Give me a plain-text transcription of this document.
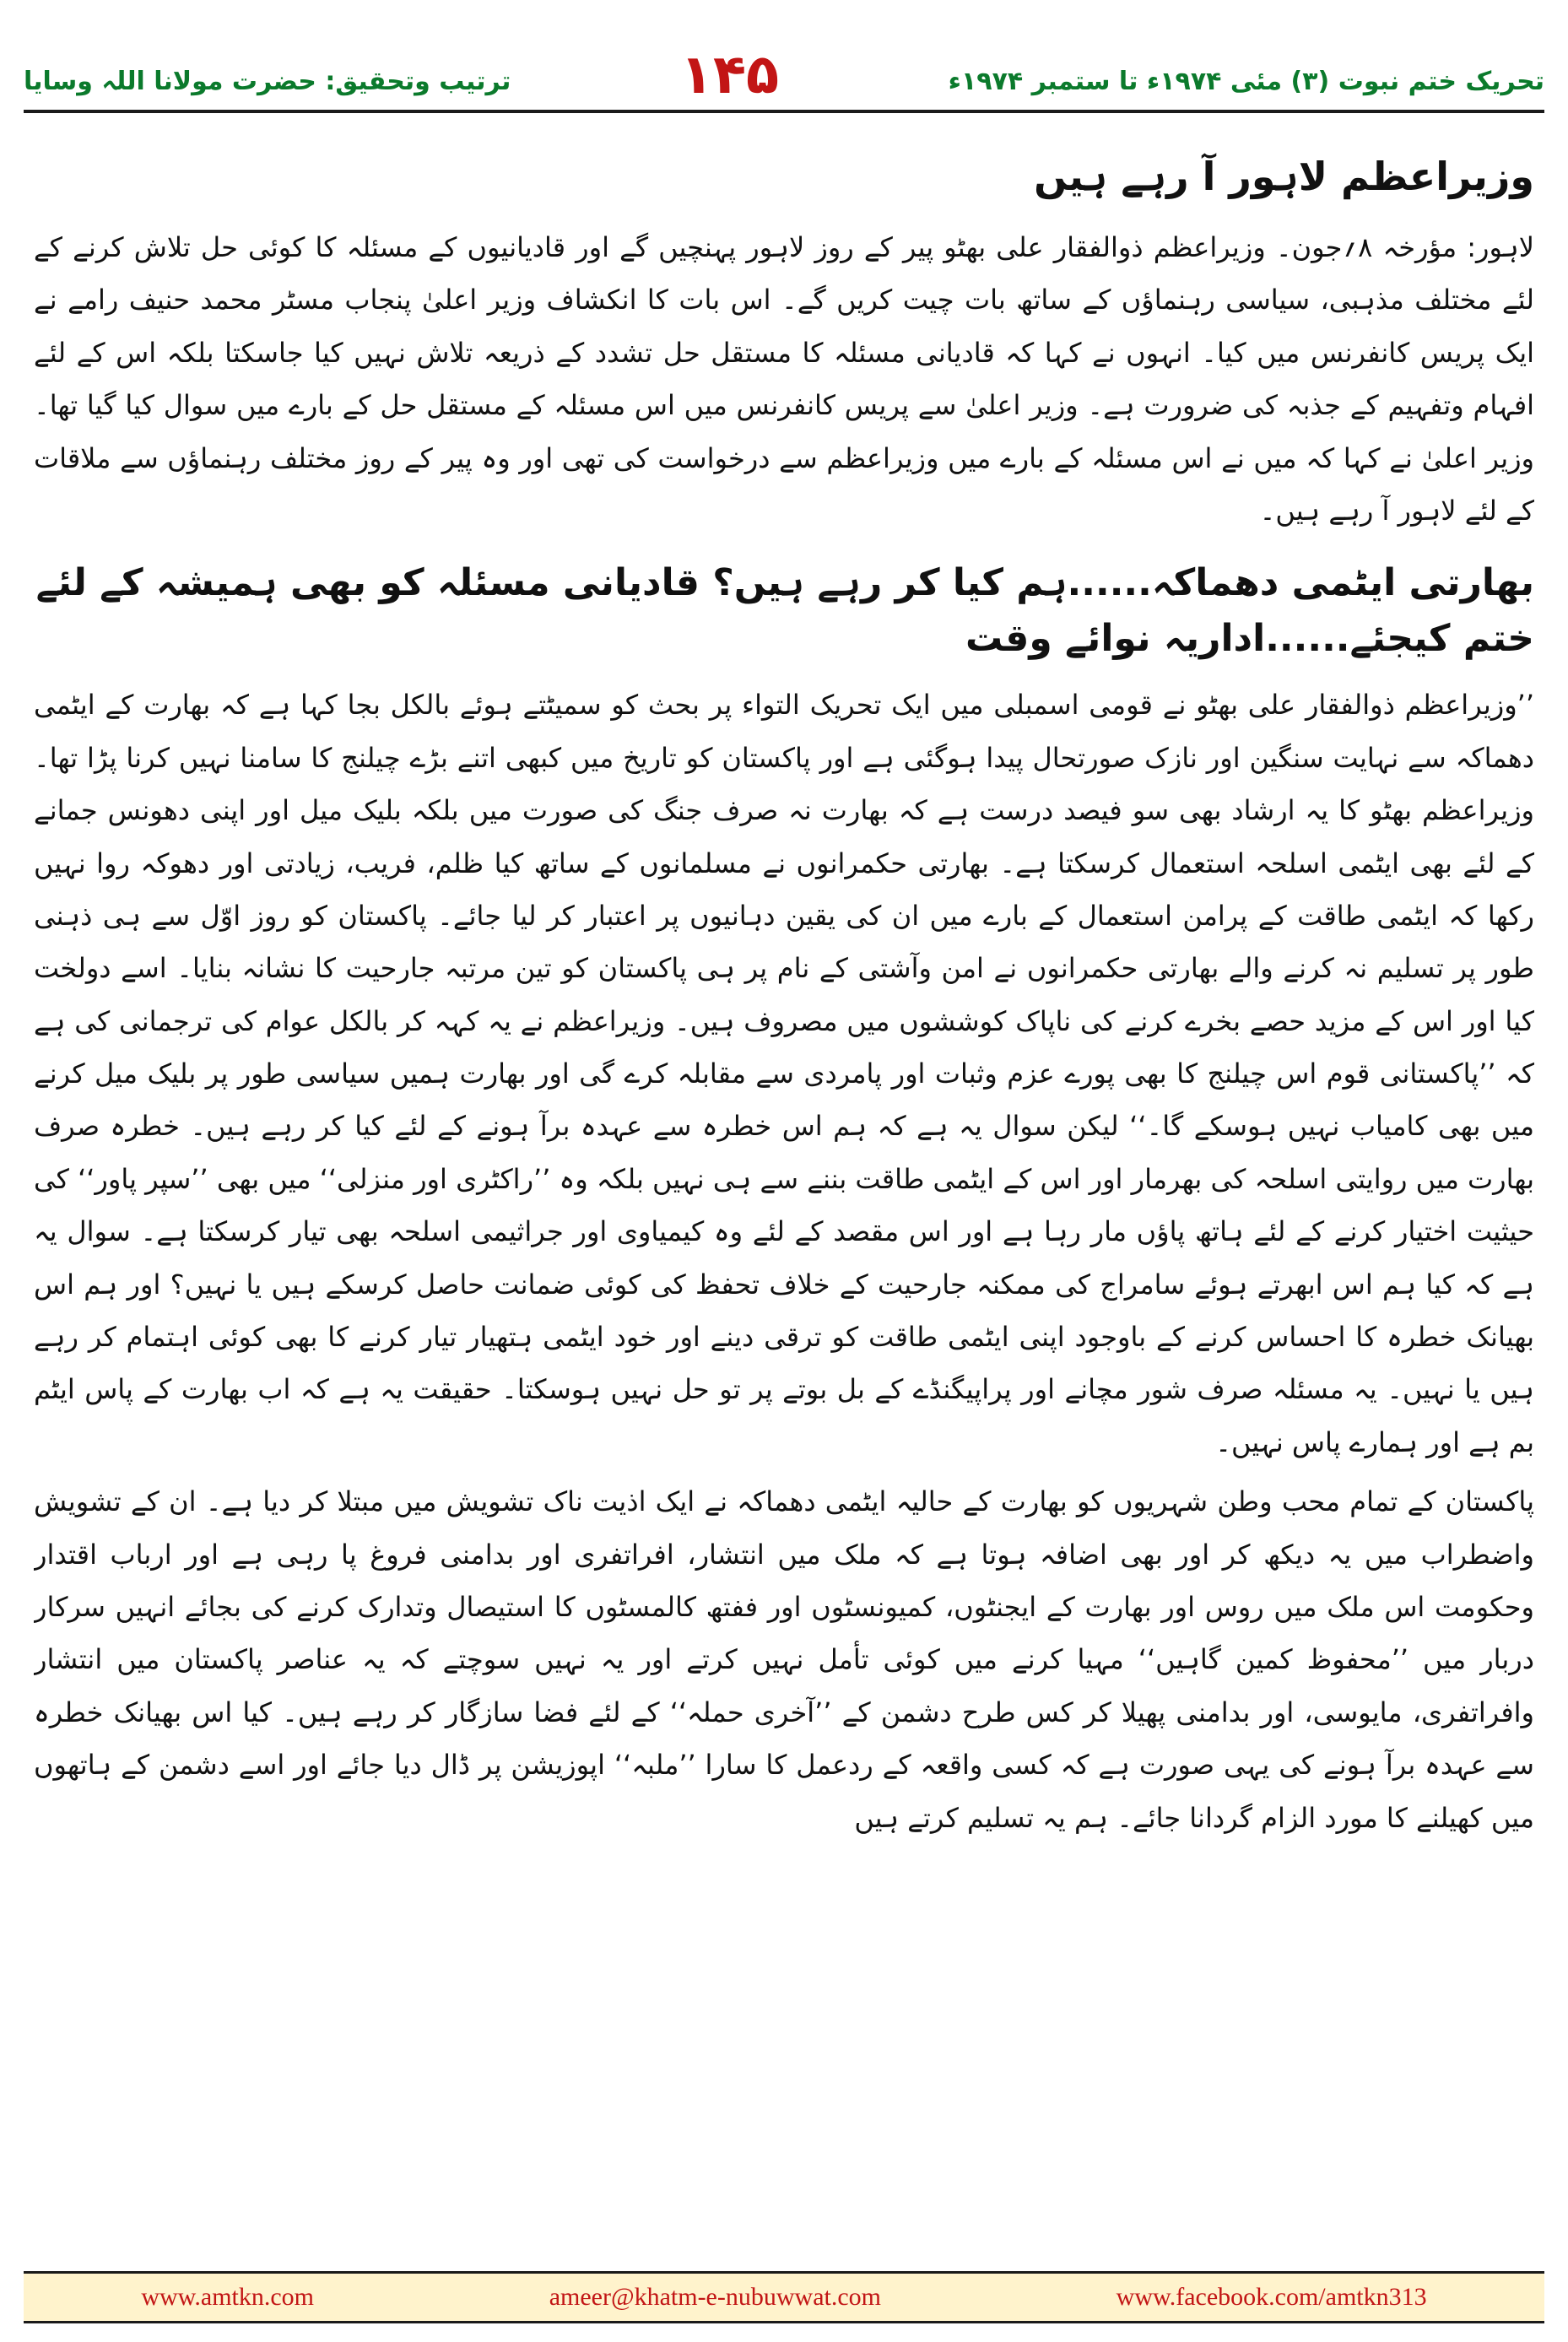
ترتیب وتحقیق: حضرت مولانا اللہ وسایا	۱۴۵	تحریک ختم نبوت (۳) مئی ۱۹۷۴ء تا ستمبر ۱۹۷۴ء
وزیراعظم لاہور آ رہے ہیں

لاہور: مؤرخہ ۸؍جون۔ وزیراعظم ذوالفقار علی بھٹو پیر کے روز لاہور پہنچیں گے اور قادیانیوں کے مسئلہ کا کوئی حل تلاش کرنے کے لئے مختلف مذہبی، سیاسی رہنماؤں کے ساتھ بات چیت کریں گے۔ اس بات کا انکشاف وزیر اعلیٰ پنجاب مسٹر محمد حنیف رامے نے ایک پریس کانفرنس میں کیا۔ انہوں نے کہا کہ قادیانی مسئلہ کا مستقل حل تشدد کے ذریعہ تلاش نہیں کیا جاسکتا بلکہ اس کے لئے افہام وتفہیم کے جذبہ کی ضرورت ہے۔ وزیر اعلیٰ سے پریس کانفرنس میں اس مسئلہ کے مستقل حل کے بارے میں سوال کیا گیا تھا۔ وزیر اعلیٰ نے کہا کہ میں نے اس مسئلہ کے بارے میں وزیراعظم سے درخواست کی تھی اور وہ پیر کے روز مختلف رہنماؤں سے ملاقات کے لئے لاہور آ رہے ہیں۔

بھارتی ایٹمی دھماکہ......ہم کیا کر رہے ہیں؟ قادیانی مسئلہ کو بھی ہمیشہ کے لئے ختم کیجئے......اداریہ نوائے وقت

’’وزیراعظم ذوالفقار علی بھٹو نے قومی اسمبلی میں ایک تحریک التواء پر بحث کو سمیٹتے ہوئے بالکل بجا کہا ہے کہ بھارت کے ایٹمی دھماکہ سے نہایت سنگین اور نازک صورتحال پیدا ہوگئی ہے اور پاکستان کو تاریخ میں کبھی اتنے بڑے چیلنج کا سامنا نہیں کرنا پڑا تھا۔ وزیراعظم بھٹو کا یہ ارشاد بھی سو فیصد درست ہے کہ بھارت نہ صرف جنگ کی صورت میں بلکہ بلیک میل اور اپنی دھونس جمانے کے لئے بھی ایٹمی اسلحہ استعمال کرسکتا ہے۔ بھارتی حکمرانوں نے مسلمانوں کے ساتھ کیا ظلم، فریب، زیادتی اور دھوکہ روا نہیں رکھا کہ ایٹمی طاقت کے پرامن استعمال کے بارے میں ان کی یقین دہانیوں پر اعتبار کر لیا جائے۔ پاکستان کو روز اوّل سے ہی ذہنی طور پر تسلیم نہ کرنے والے بھارتی حکمرانوں نے امن وآشتی کے نام پر ہی پاکستان کو تین مرتبہ جارحیت کا نشانہ بنایا۔ اسے دولخت کیا اور اس کے مزید حصے بخرے کرنے کی ناپاک کوششوں میں مصروف ہیں۔ وزیراعظم نے یہ کہہ کر بالکل عوام کی ترجمانی کی ہے کہ ’’پاکستانی قوم اس چیلنج کا بھی پورے عزم وثبات اور پامردی سے مقابلہ کرے گی اور بھارت ہمیں سیاسی طور پر بلیک میل کرنے میں بھی کامیاب نہیں ہوسکے گا۔‘‘ لیکن سوال یہ ہے کہ ہم اس خطرہ سے عہدہ برآ ہونے کے لئے کیا کر رہے ہیں۔ خطرہ صرف بھارت میں روایتی اسلحہ کی بھرمار اور اس کے ایٹمی طاقت بننے سے ہی نہیں بلکہ وہ ’’راکٹری اور منزلی‘‘ میں بھی ’’سپر پاور‘‘ کی حیثیت اختیار کرنے کے لئے ہاتھ پاؤں مار رہا ہے اور اس مقصد کے لئے وہ کیمیاوی اور جراثیمی اسلحہ بھی تیار کرسکتا ہے۔ سوال یہ ہے کہ کیا ہم اس ابھرتے ہوئے سامراج کی ممکنہ جارحیت کے خلاف تحفظ کی کوئی ضمانت حاصل کرسکے ہیں یا نہیں؟ اور ہم اس بھیانک خطرہ کا احساس کرنے کے باوجود اپنی ایٹمی طاقت کو ترقی دینے اور خود ایٹمی ہتھیار تیار کرنے کا بھی کوئی اہتمام کر رہے ہیں یا نہیں۔ یہ مسئلہ صرف شور مچانے اور پراپیگنڈے کے بل بوتے پر تو حل نہیں ہوسکتا۔ حقیقت یہ ہے کہ اب بھارت کے پاس ایٹم بم ہے اور ہمارے پاس نہیں۔

پاکستان کے تمام محب وطن شہریوں کو بھارت کے حالیہ ایٹمی دھماکہ نے ایک اذیت ناک تشویش میں مبتلا کر دیا ہے۔ ان کے تشویش واضطراب میں یہ دیکھ کر اور بھی اضافہ ہوتا ہے کہ ملک میں انتشار، افراتفری اور بدامنی فروغ پا رہی ہے اور ارباب اقتدار وحکومت اس ملک میں روس اور بھارت کے ایجنٹوں، کمیونسٹوں اور ففتھ کالمسٹوں کا استیصال وتدارک کرنے کی بجائے انہیں سرکار دربار میں ’’محفوظ کمین گاہیں‘‘ مہیا کرنے میں کوئی تأمل نہیں کرتے اور یہ نہیں سوچتے کہ یہ عناصر پاکستان میں انتشار وافراتفری، مایوسی، اور بدامنی پھیلا کر کس طرح دشمن کے ’’آخری حملہ‘‘ کے لئے فضا سازگار کر رہے ہیں۔ کیا اس بھیانک خطرہ سے عہدہ برآ ہونے کی یہی صورت ہے کہ کسی واقعہ کے ردعمل کا سارا ’’ملبہ‘‘ اپوزیشن پر ڈال دیا جائے اور اسے دشمن کے ہاتھوں میں کھیلنے کا مورد الزام گردانا جائے۔ ہم یہ تسلیم کرتے ہیں

www.amtkn.com	ameer@khatm-e-nubuwwat.com	www.facebook.com/amtkn313
